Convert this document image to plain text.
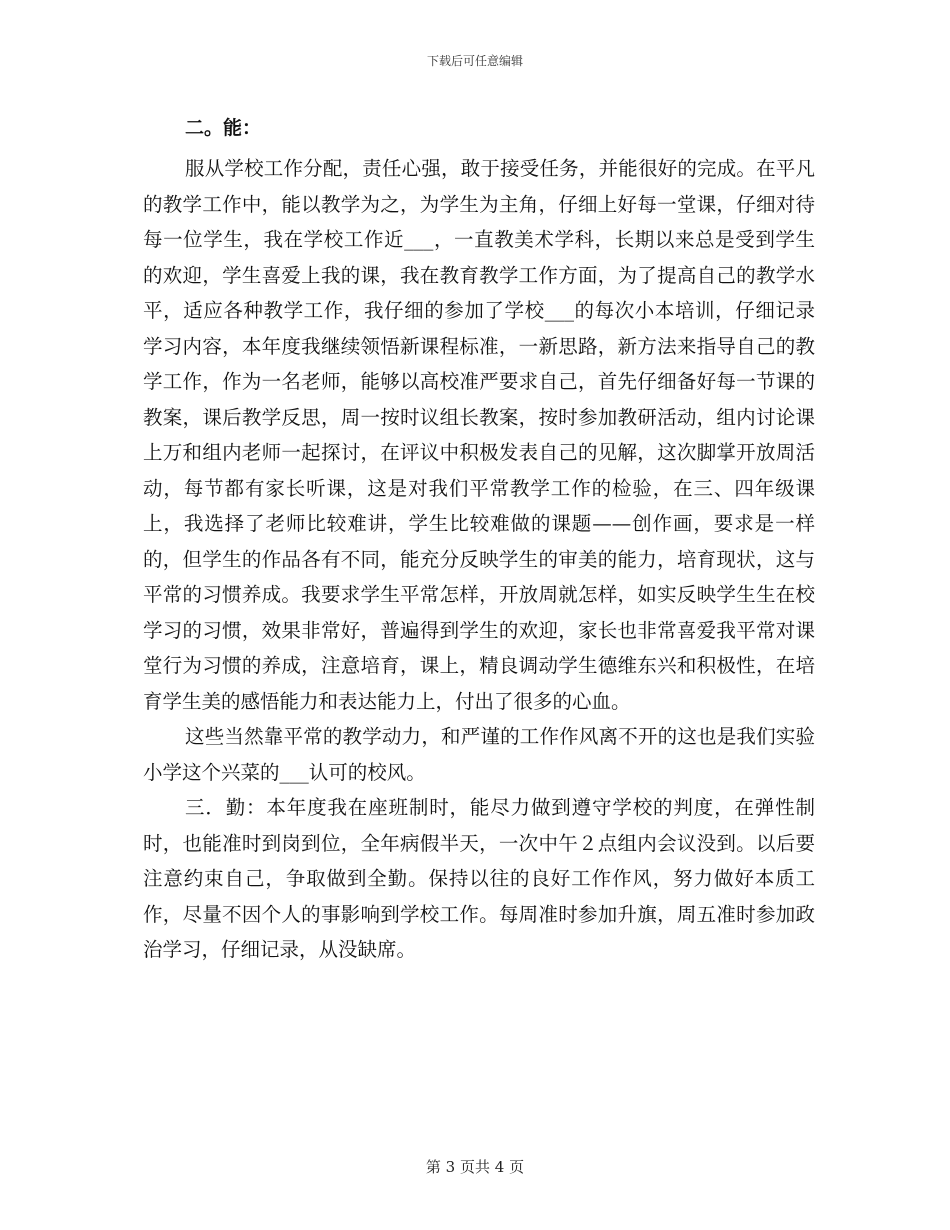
下载后可任意编辑
二。能：

服从学校工作分配，责任心强，敢于接受任务，并能很好的完成。在平凡的教学工作中，能以教学为之，为学生为主角，仔细上好每一堂课，仔细对待每一位学生，我在学校工作近___，一直教美术学科，长期以来总是受到学生的欢迎，学生喜爱上我的课，我在教育教学工作方面，为了提高自己的教学水平，适应各种教学工作，我仔细的参加了学校___的每次小本培训，仔细记录学习内容，本年度我继续领悟新课程标准，一新思路，新方法来指导自己的教学工作，作为一名老师，能够以高校准严要求自己，首先仔细备好每一节课的教案，课后教学反思，周一按时议组长教案，按时参加教研活动，组内讨论课上万和组内老师一起探讨，在评议中积极发表自己的见解，这次脚掌开放周活动，每节都有家长听课，这是对我们平常教学工作的检验，在三、四年级课上，我选择了老师比较难讲，学生比较难做的课题——创作画，要求是一样的，但学生的作品各有不同，能充分反映学生的审美的能力，培育现状，这与平常的习惯养成。我要求学生平常怎样，开放周就怎样，如实反映学生生在校学习的习惯，效果非常好，普遍得到学生的欢迎，家长也非常喜爱我平常对课堂行为习惯的养成，注意培育，课上，精良调动学生德维东兴和积极性，在培育学生美的感悟能力和表达能力上，付出了很多的心血。

这些当然靠平常的教学动力，和严谨的工作作风离不开的这也是我们实验小学这个兴菜的___认可的校风。

三．勤：本年度我在座班制时，能尽力做到遵守学校的判度，在弹性制时，也能准时到岗到位，全年病假半天，一次中午２点组内会议没到。以后要注意约束自己，争取做到全勤。保持以往的良好工作作风，努力做好本质工作，尽量不因个人的事影响到学校工作。每周准时参加升旗，周五准时参加政治学习，仔细记录，从没缺席。

第 3 页共 4 页
